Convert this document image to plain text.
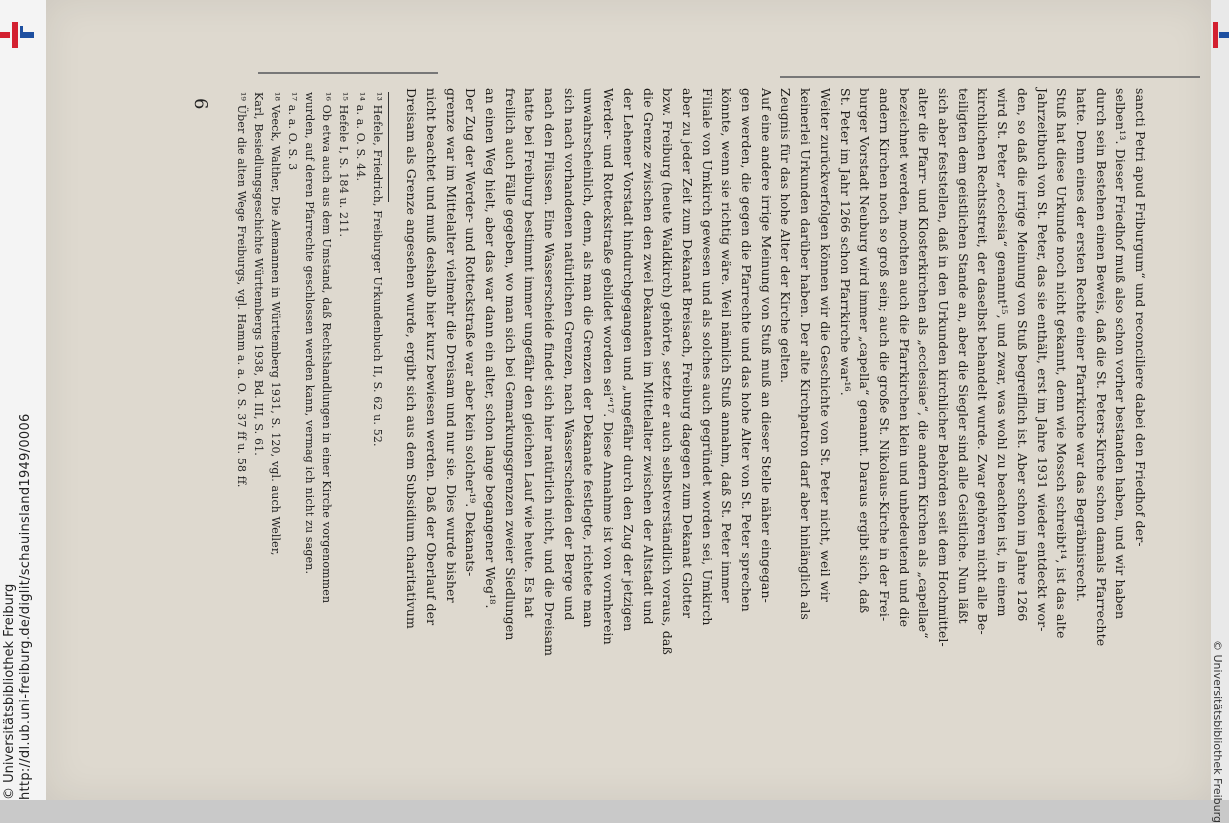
http://dl.ub.uni-freiburg.de/diglit/schauinsland1949/0006
© Universitätsbibliothek Freiburg	© Universitätsbibliothek Freiburg
6	sancti Petri apud Friburgum“ und reconciliere dabei den Friedhof der-
selben¹³. Dieser Friedhof muß also schon vorher bestanden haben, und wir haben
durch sein Bestehen einen Beweis, daß die St. Peters-Kirche schon damals Pfarrechte
hatte. Denn eines der ersten Rechte einer Pfarrkirche war das Begräbnisrecht.
Stuß hat diese Urkunde noch nicht gekannt, denn wie Mossch schreibt¹⁴, ist das alte
Jahrzeitbuch von St. Peter, das sie enthält, erst im Jahre 1931 wieder entdeckt wor-
den, so daß die irrige Meinung von Stuß begreiflich ist. Aber schon im Jahre 1266
wird St. Peter „ecclesia“ genannt¹⁵, und zwar, was wohl zu beachten ist, in einem
kirchlichen Rechtsstreit, der daselbst behandelt wurde. Zwar gehören nicht alle Be-
teiligten dem geistlichen Stande an, aber die Siegler sind alle Geistliche. Nun läßt
sich aber feststellen, daß in den Urkunden kirchlicher Behörden seit dem Hochmittel-
alter die Pfarr- und Klosterkirchen als „ecclesiae“, die andern Kirchen als „capellae“
bezeichnet werden, mochten auch die Pfarrkirchen klein und unbedeutend und die
andern Kirchen noch so groß sein; auch die große St. Nikolaus-Kirche in der Frei-
burger Vorstadt Neuburg wird immer „capella“ genannt. Daraus ergibt sich, daß
St. Peter im Jahr 1266 schon Pfarrkirche war¹⁶.
Weiter zurückverfolgen können wir die Geschichte von St. Peter nicht, weil wir
keinerlei Urkunden darüber haben. Der alte Kirchpatron darf aber hinlänglich als
Zeugnis für das hohe Alter der Kirche gelten.
Auf eine andere irrige Meinung von Stuß muß an dieser Stelle näher eingegan-
gen werden, die gegen die Pfarrechte und das hohe Alter von St. Peter sprechen
könnte, wenn sie richtig wäre. Weil nämlich Stuß annahm, daß St. Peter immer
Filiale von Umkirch gewesen und als solches auch gegründet worden sei, Umkirch
aber zu jeder Zeit zum Dekanat Breisach, Freiburg dagegen zum Dekanat Glotter
bzw. Freiburg (heute Waldkirch) gehörte, setzte er auch selbstverständlich voraus, daß
die Grenze zwischen den zwei Dekanaten im Mittelalter zwischen der Altstadt und
der Lehener Vorstadt hindurchgegangen und „ungefähr durch den Zug der jetzigen
Werder- und Rotteckstraße gebildet worden sei“¹⁷. Diese Annahme ist von vornherein
unwahrscheinlich, denn, als man die Grenzen der Dekanate festlegte, richtete man
sich nach vorhandenen natürlichen Grenzen, nach Wasserscheiden der Berge und
nach den Flüssen. Eine Wasserscheide findet sich hier natürlich nicht, und die Dreisam
hatte bei Freiburg bestimmt immer ungefähr den gleichen Lauf wie heute. Es hat
freilich auch Fälle gegeben, wo man sich bei Gemarkungsgrenzen zweier Siedlungen
an einen Weg hielt, aber das war dann ein alter, schon lange begangener Weg¹⁸.
Der Zug der Werder- und Rotteckstraße war aber kein solcher¹⁹. Dekanats-
grenze war im Mittelalter vielmehr die Dreisam und nur sie. Dies wurde bisher
nicht beachtet und muß deshalb hier kurz bewiesen werden. Daß der Oberlauf der
Dreisam als Grenze angesehen wurde, ergibt sich aus dem Subsidium charitativum
¹³ Hefele, Friedrich, Freiburger Urkundenbuch II, S. 62 u. 52.
¹⁴ a. a. O. S. 44.
¹⁵ Hefele I, S. 184 u. 211.
¹⁶ Ob etwa auch aus dem Umstand, daß Rechtshandlungen in einer Kirche vorgenommen
wurden, auf deren Pfarrechte geschlossen werden kann, vermag ich nicht zu sagen.
¹⁷ a. a. O. S. 3
¹⁸ Veeck, Walther, Die Alemannen in Württemberg 1931, S. 120, vgl. auch Weller,
Karl, Besiedlungsgeschichte Württembergs 1938, Bd. III, S. 61.
¹⁹ Über die alten Wege Freiburgs, vgl. Hamm a. a. O. S. 37 ff u. 58 ff.
